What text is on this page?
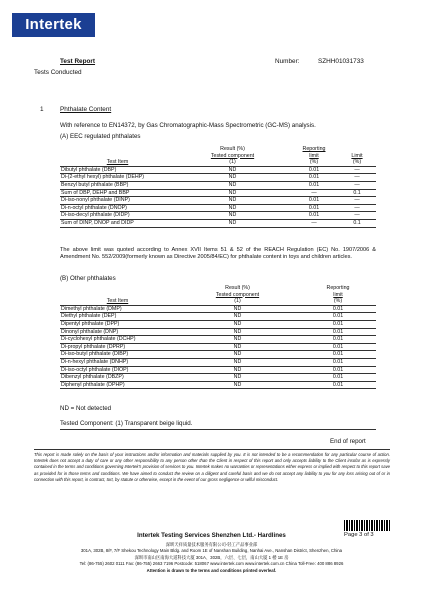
Intertek
Test Report	Number:	SZHH01031733
Tests Conducted
1	Phthalate Content
With reference to EN14372, by Gas Chromatographic-Mass Spectrometric (GC-MS) analysis.
(A) EEC regulated phthalates
Test Item	Result (%)	Reporting	Limit
	Tested component	limit	
	(1)	(%)	(%)
Dibutyl phthalate (DBP)	ND	0.01	—
Di-(2-ethyl hexyl) phthalate (DEHP)	ND	0.01	—
Benzyl butyl phthalate (BBP)	ND	0.01	—
Sum of DBP, DEHP and BBP	ND	—	0.1
Di-iso-nonyl phthalate (DINP)	ND	0.01	—
Di-n-octyl phthalate (DNOP)	ND	0.01	—
Di-iso-decyl phthalate (DIDP)	ND	0.01	—
Sum of DINP, DNOP and DIDP	ND	—	0.1
The above limit was quoted according to Annex XVII Items 51 & 52 of the REACH Regulation (EC) No. 1907/2006 & Amendment No. 552/2009(formerly known as Directive 2005/84/EC) for phthalate content in toys and children articles.
(B) Other phthalates
Test Item	Result (%)	Reporting
	Tested component	limit
	(1)	(%)
Dimethyl phthalate (DMP)	ND	0.01
Diethyl phthalate (DEP)	ND	0.01
Dipentyl phthalate (DPP)	ND	0.01
Dinonyl phthalate (DNP)	ND	0.01
Di-cyclohexyl phthalate (DCHP)	ND	0.01
Di-propyl phthalate (DPRP)	ND	0.01
Di-iso-butyl phthalate (DIBP)	ND	0.01
Di-n-hexyl phthalate (DNHP)	ND	0.01
Di-iso-octyl phthalate (DIOP)	ND	0.01
Dibenzyl phthalate (DBZP)	ND	0.01
Diphenyl phthalate (DPHP)	ND	0.01
ND = Not detected
Tested Component: (1) Transparent beige liquid.
End of report
This report is made solely on the basis of your instructions and/or information and materials supplied by you. It is not intended to be a recommendation for any particular course of action. Intertek does not accept a duty of care or any other responsibility to any person other than the Client in respect of this report and only accepts liability to the Client insofar as is expressly contained in the terms and conditions governing Intertek's provision of services to you. Intertek makes no warranties or representations either express or implied with respect to this report save as provided for in those terms and conditions. We have aimed to conduct the review on a diligent and careful basis and we do not accept any liability to you for any loss arising out of or in connection with this report, in contract, tort, by statute or otherwise, except in the event of our gross negligence or wilful misconduct.
Page 3 of 3
Intertek Testing Services Shenzhen Ltd.- Hardlines
深圳天祥质量技术服务有限公司-轻工产品事业部
301A, 302B, 8/F, 7/F Shekou Technology Main Bldg. and Room 1E of Nanshan Building, Nanhai Ave., Nanshan District, Shenzhen, China
深圳市南山区南海大道科技大厦 301A、302B，六层、七层，南山大厦 1 楼 1E 房
Tel: (86-755) 2602 0111 Fax: (86-755) 2663 7196 Postcode: 518067 www.intertek.com www.intertek.com.cn China Toll-Free: 400 886 8926
Attention is drawn to the terms and conditions printed overleaf.
